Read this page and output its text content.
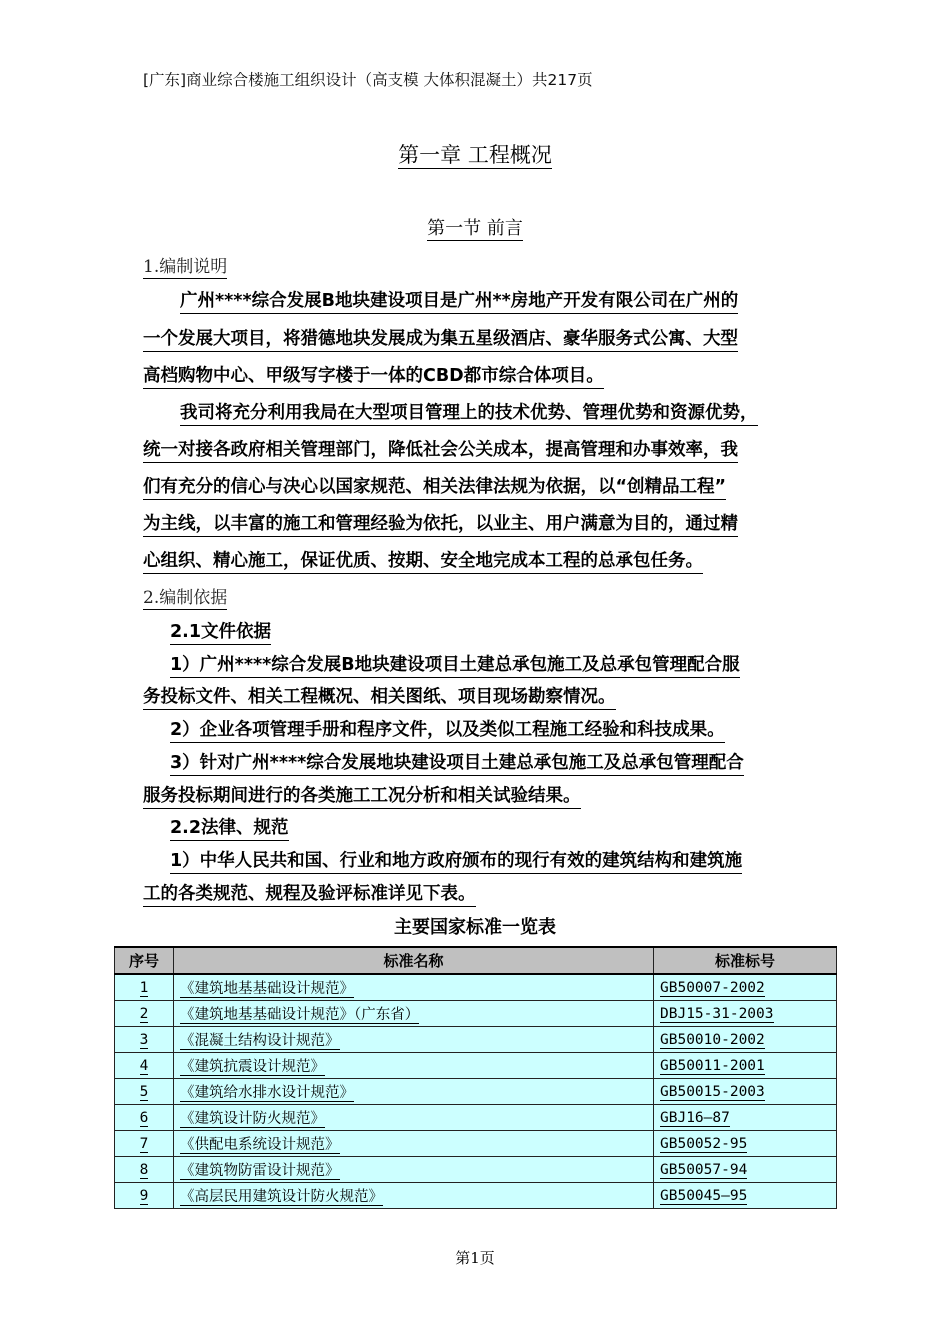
[广东]商业综合楼施工组织设计（高支模 大体积混凝土）共217页
第一章 工程概况
第一节 前言
1.编制说明
广州****综合发展B地块建设项目是广州**房地产开发有限公司在广州的
一个发展大项目，将猎德地块发展成为集五星级酒店、豪华服务式公寓、大型
高档购物中心、甲级写字楼于一体的CBD都市综合体项目。
我司将充分利用我局在大型项目管理上的技术优势、管理优势和资源优势，
统一对接各政府相关管理部门，降低社会公关成本，提高管理和办事效率，我
们有充分的信心与决心以国家规范、相关法律法规为依据，以“创精品工程”
为主线，以丰富的施工和管理经验为依托，以业主、用户满意为目的，通过精
心组织、精心施工，保证优质、按期、安全地完成本工程的总承包任务。
2.编制依据
2.1文件依据
1）广州****综合发展B地块建设项目土建总承包施工及总承包管理配合服
务投标文件、相关工程概况、相关图纸、项目现场勘察情况。
2）企业各项管理手册和程序文件，以及类似工程施工经验和科技成果。
3）针对广州****综合发展地块建设项目土建总承包施工及总承包管理配合
服务投标期间进行的各类施工工况分析和相关试验结果。
2.2法律、规范
1）中华人民共和国、行业和地方政府颁布的现行有效的建筑结构和建筑施
工的各类规范、规程及验评标准详见下表。
主要国家标准一览表
序号	标准名称	标准标号
1	《建筑地基基础设计规范》	GB50007-2002
2	《建筑地基基础设计规范》（广东省）	DBJ15-31-2003
3	《混凝土结构设计规范》	GB50010-2002
4	《建筑抗震设计规范》	GB50011-2001
5	《建筑给水排水设计规范》	GB50015-2003
6	《建筑设计防火规范》	GBJ16—87
7	《供配电系统设计规范》	GB50052-95
8	《建筑物防雷设计规范》	GB50057-94
9	《高层民用建筑设计防火规范》	GB50045—95
第1页
